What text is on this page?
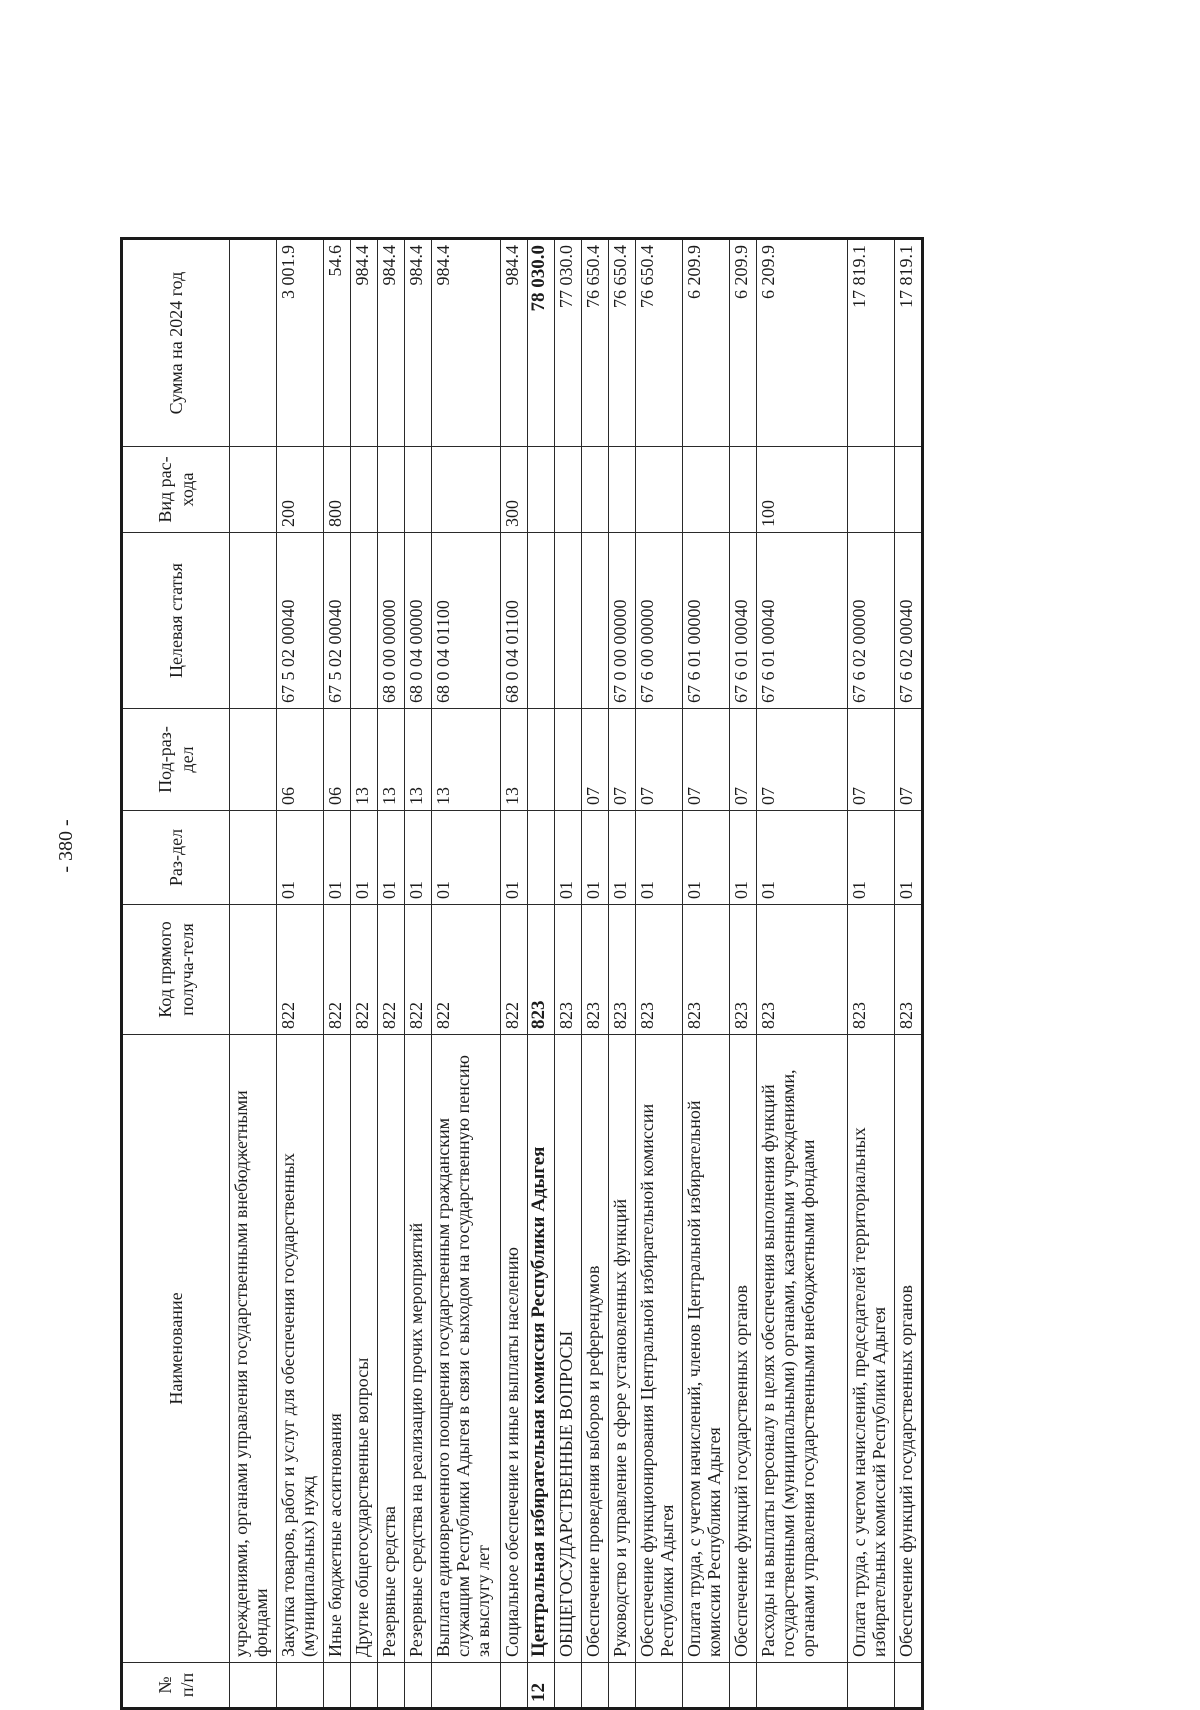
- 380 -
№ п/п	Наименование	Код прямого получа-теля	Раз-дел	Под-раз-дел	Целевая статья	Вид рас-хода	Сумма на 2024 год
	учреждениями, органами управления государственными внебюджетными фондами						
	Закупка товаров, работ и услуг для обеспечения государственных (муниципальных) нужд	822	01	06	67 5 02 00040	200	3 001.9
	Иные бюджетные ассигнования	822	01	06	67 5 02 00040	800	54.6
	Другие общегосударственные вопросы	822	01	13			984.4
	Резервные средства	822	01	13	68 0 00 00000		984.4
	Резервные средства на реализацию прочих мероприятий	822	01	13	68 0 04 00000		984.4
	Выплата единовременного поощрения государственным гражданским служащим Республики Адыгея в связи с выходом на государственную пенсию за выслугу лет	822	01	13	68 0 04 01100		984.4
	Социальное обеспечение и иные выплаты населению	822	01	13	68 0 04 01100	300	984.4
12	Центральная избирательная комиссия Республики Адыгея	823					78 030.0
	ОБЩЕГОСУДАРСТВЕННЫЕ ВОПРОСЫ	823	01				77 030.0
	Обеспечение проведения выборов и референдумов	823	01	07			76 650.4
	Руководство и управление в сфере установленных функций	823	01	07	67 0 00 00000		76 650.4
	Обеспечение функционирования Центральной избирательной комиссии Республики Адыгея	823	01	07	67 6 00 00000		76 650.4
	Оплата труда, с учетом начислений, членов Центральной избирательной комиссии Республики Адыгея	823	01	07	67 6 01 00000		6 209.9
	Обеспечение функций государственных органов	823	01	07	67 6 01 00040		6 209.9
	Расходы на выплаты персоналу в целях обеспечения выполнения функций государственными (муниципальными) органами, казенными учреждениями, органами управления государственными внебюджетными фондами	823	01	07	67 6 01 00040	100	6 209.9
	Оплата труда, с учетом начислений, председателей территориальных избирательных комиссий Республики Адыгея	823	01	07	67 6 02 00000		17 819.1
	Обеспечение функций государственных органов	823	01	07	67 6 02 00040		17 819.1
